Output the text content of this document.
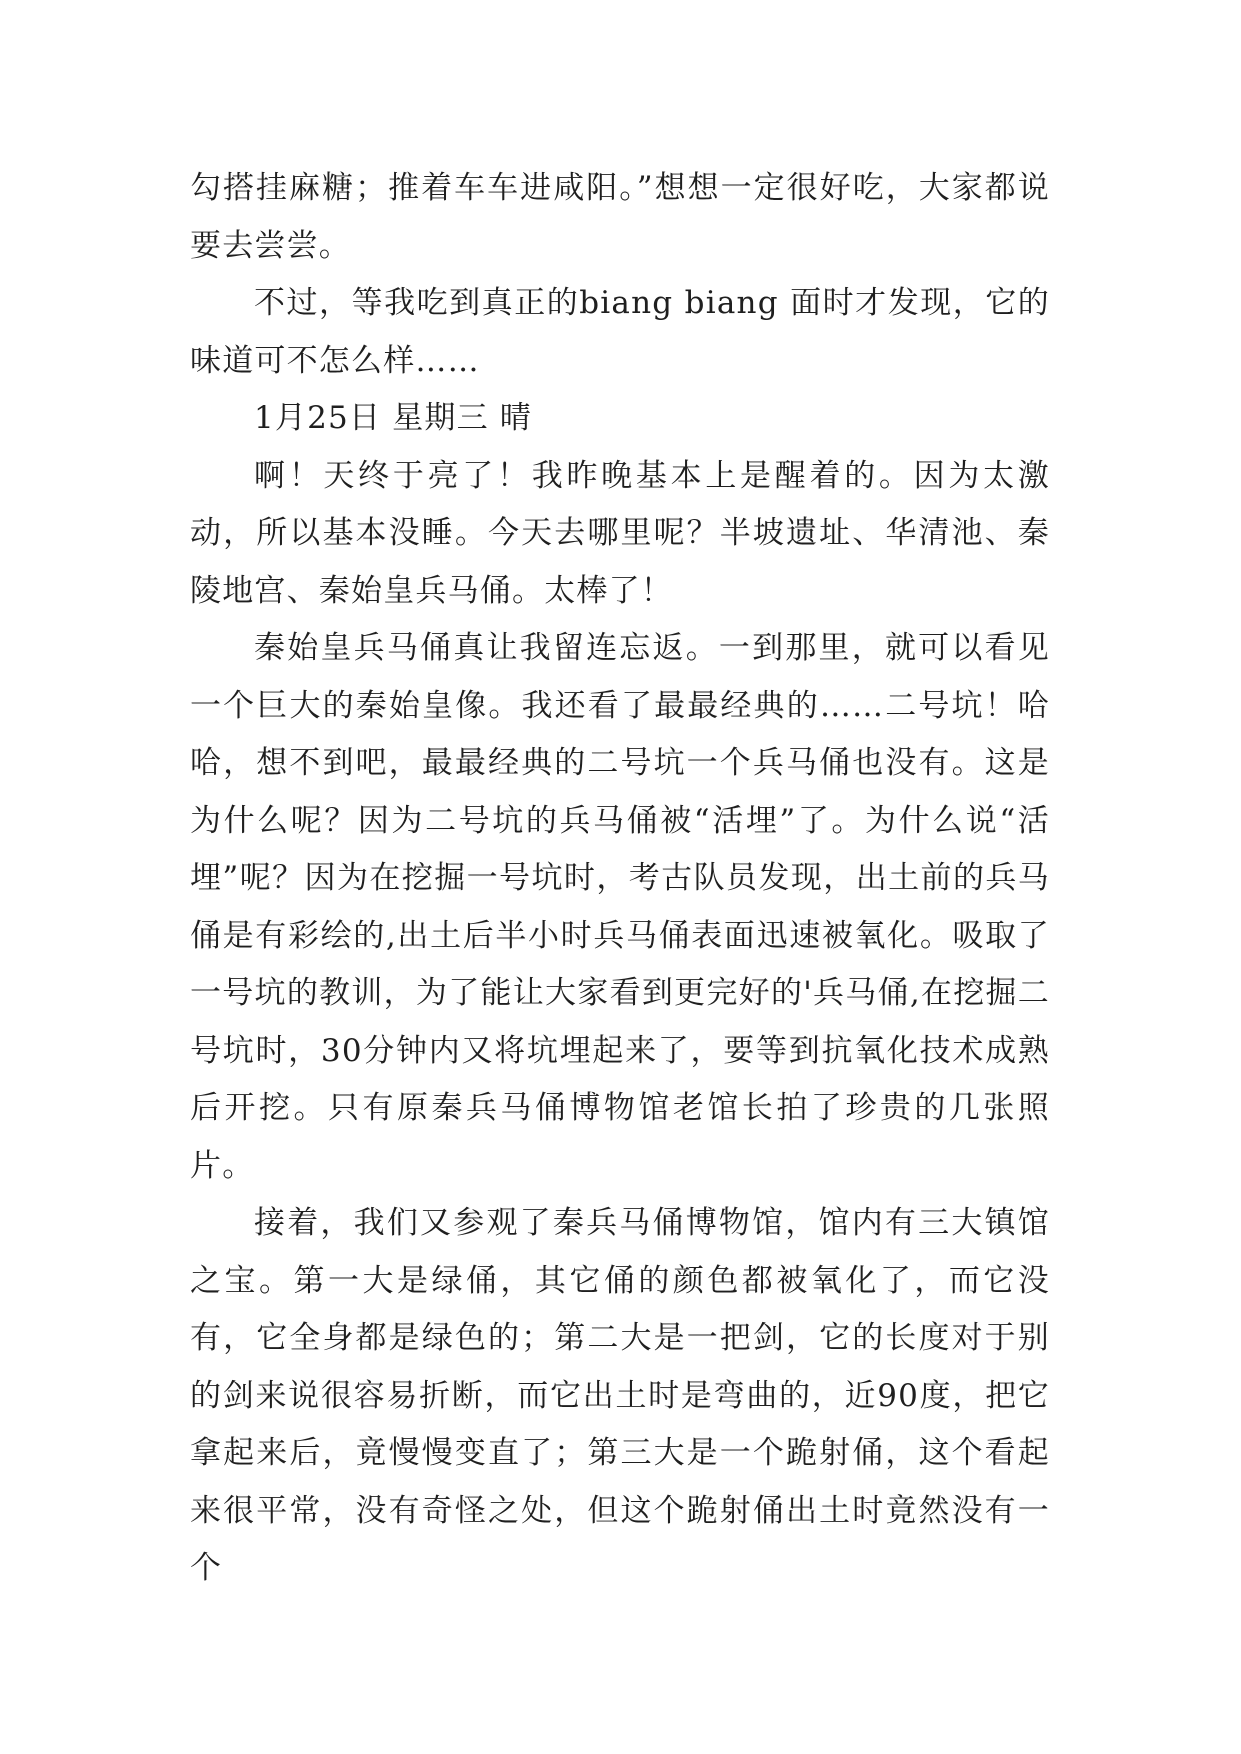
勾搭挂麻糖；推着车车进咸阳。”想想一定很好吃，大家都说要去尝尝。

不过，等我吃到真正的biang biang 面时才发现，它的味道可不怎么样……

1月25日 星期三 晴

啊！天终于亮了！我昨晚基本上是醒着的。因为太激动，所以基本没睡。今天去哪里呢？半坡遗址、华清池、秦陵地宫、秦始皇兵马俑。太棒了！

秦始皇兵马俑真让我留连忘返。一到那里，就可以看见一个巨大的秦始皇像。我还看了最最经典的……二号坑！哈哈，想不到吧，最最经典的二号坑一个兵马俑也没有。这是为什么呢？因为二号坑的兵马俑被“活埋”了。为什么说“活埋”呢？因为在挖掘一号坑时，考古队员发现，出土前的兵马俑是有彩绘的,出土后半小时兵马俑表面迅速被氧化。吸取了一号坑的教训，为了能让大家看到更完好的'兵马俑,在挖掘二号坑时，30分钟内又将坑埋起来了，要等到抗氧化技术成熟后开挖。只有原秦兵马俑博物馆老馆长拍了珍贵的几张照片。

接着，我们又参观了秦兵马俑博物馆，馆内有三大镇馆之宝。第一大是绿俑，其它俑的颜色都被氧化了，而它没有，它全身都是绿色的；第二大是一把剑，它的长度对于别的剑来说很容易折断，而它出土时是弯曲的，近90度，把它拿起来后，竟慢慢变直了；第三大是一个跪射俑，这个看起来很平常，没有奇怪之处，但这个跪射俑出土时竟然没有一个
